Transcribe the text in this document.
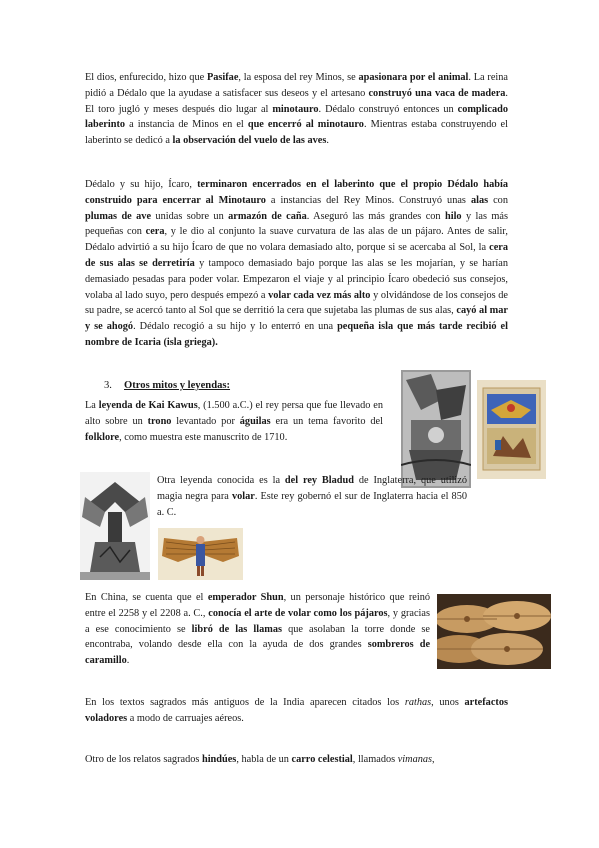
El dios, enfurecido, hizo que Pasifae, la esposa del rey Minos, se apasionara por el animal. La reina pidió a Dédalo que la ayudase a satisfacer sus deseos y el artesano construyó una vaca de madera. El toro jugló y meses después dio lugar al minotauro. Dédalo construyó entonces un complicado laberinto a instancia de Minos en el que encerró al minotauro. Mientras estaba construyendo el laberinto se dedicó a la observación del vuelo de las aves.

Dédalo y su hijo, Ícaro, terminaron encerrados en el laberinto que el propio Dédalo había construido para encerrar al Minotauro a instancias del Rey Minos. Construyó unas alas con plumas de ave unidas sobre un armazón de caña. Aseguró las más grandes con hilo y las más pequeñas con cera, y le dio al conjunto la suave curvatura de las alas de un pájaro. Antes de salir, Dédalo advirtió a su hijo Ícaro de que no volara demasiado alto, porque si se acercaba al Sol, la cera de sus alas se derretiría y tampoco demasiado bajo porque las alas se les mojarían, y se harían demasiado pesadas para poder volar. Empezaron el viaje y al principio Ícaro obedeció sus consejos, volaba al lado suyo, pero después empezó a volar cada vez más alto y olvidándose de los consejos de su padre, se acercó tanto al Sol que se derritió la cera que sujetaba las plumas de sus alas, cayó al mar y se ahogó. Dédalo recogió a su hijo y lo enterró en una pequeña isla que más tarde recibió el nombre de Icaria (isla griega).

3. Otros mitos y leyendas:

La leyenda de Kai Kawus, (1.500 a.C.) el rey persa que fue llevado en alto sobre un trono levantado por águilas era un tema favorito del folklore, como muestra este manuscrito de 1710.

Otra leyenda conocida es la del rey Bladud de Inglaterra, que utilizó magia negra para volar. Este rey gobernó el sur de Inglaterra hacia el 850 a. C.

En China, se cuenta que el emperador Shun, un personaje histórico que reinó entre el 2258 y el 2208 a. C., conocía el arte de volar como los pájaros, y gracias a ese conocimiento se libró de las llamas que asolaban la torre donde se encontraba, volando desde ella con la ayuda de dos grandes sombreros de caramillo.

En los textos sagrados más antiguos de la India aparecen citados los rathas, unos artefactos voladores a modo de carruajes aéreos.

Otro de los relatos sagrados hindúes, habla de un carro celestial, llamados vimanas,
